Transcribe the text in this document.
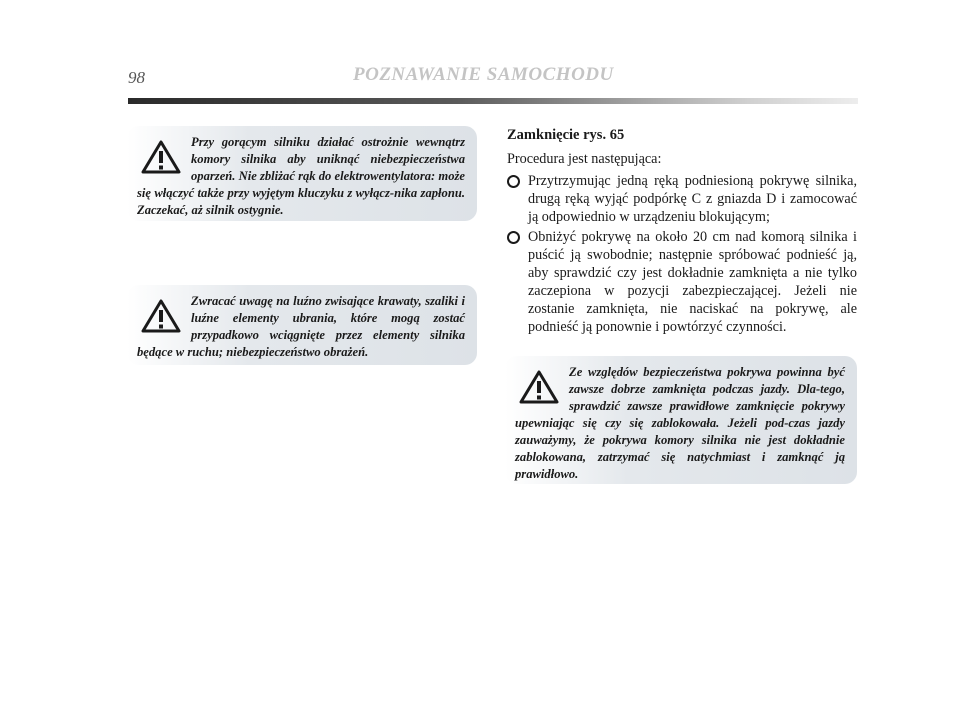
98	POZNAWANIE SAMOCHODU
Przy gorącym silniku działać ostrożnie wewnątrz komory silnika aby uniknąć niebezpieczeństwa oparzeń. Nie zbliżać rąk do elektrowentylatora: może się włączyć także przy wyjętym kluczyku z wyłącz-nika zapłonu. Zaczekać, aż silnik ostygnie.
Zwracać uwagę na luźno zwisające krawaty, szaliki i luźne elementy ubrania, które mogą zostać przypadkowo wciągnięte przez elementy silnika będące w ruchu; niebezpieczeństwo obrażeń.

Zamknięcie rys. 65

Procedura jest następująca:

Przytrzymując jedną ręką podniesioną pokrywę silnika, drugą ręką wyjąć podpórkę C z gniazda D i zamocować ją odpowiednio w urządzeniu blokującym;
Obniżyć pokrywę na około 20 cm nad komorą silnika i puścić ją swobodnie; następnie spróbować podnieść ją, aby sprawdzić czy jest dokładnie zamknięta a nie tylko zaczepiona w pozycji zabezpieczającej. Jeżeli nie zostanie zamknięta, nie naciskać na pokrywę, ale podnieść ją ponownie i powtórzyć czynności.
Ze względów bezpieczeństwa pokrywa powinna być zawsze dobrze zamknięta podczas jazdy. Dla-tego, sprawdzić zawsze prawidłowe zamknięcie pokrywy upewniając się czy się zablokowała. Jeżeli pod-czas jazdy zauważymy, że pokrywa komory silnika nie jest dokładnie zablokowana, zatrzymać się natychmiast i zamknąć ją prawidłowo.
